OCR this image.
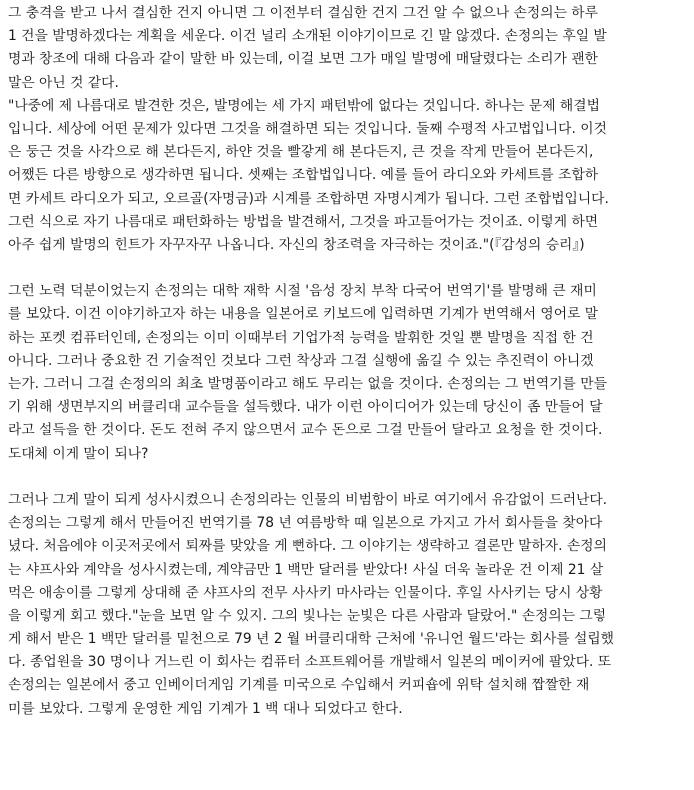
그 충격을 받고 나서 결심한 건지 아니면 그 이전부터 결심한 건지 그건 알 수 없으나 손정의는 하루
1 건을 발명하겠다는 계획을 세운다. 이건 널리 소개된 이야기이므로 긴 말 않겠다. 손정의는 후일 발
명과 창조에 대해 다음과 같이 말한 바 있는데, 이걸 보면 그가 매일 발명에 매달렸다는 소리가 괜한
말은 아닌 것 같다.
"나중에 제 나름대로 발견한 것은, 발명에는 세 가지 패턴밖에 없다는 것입니다. 하나는 문제 해결법
입니다. 세상에 어떤 문제가 있다면 그것을 해결하면 되는 것입니다. 둘째 수평적 사고법입니다. 이것
은 둥근 것을 사각으로 해 본다든지, 하얀 것을 빨갛게 해 본다든지, 큰 것을 작게 만들어 본다든지,
어쨌든 다른 방향으로 생각하면 됩니다. 셋째는 조합법입니다. 예를 들어 라디오와 카세트를 조합하
면 카세트 라디오가 되고, 오르골(자명금)과 시계를 조합하면 자명시계가 됩니다. 그런 조합법입니다.
그런 식으로 자기 나름대로 패턴화하는 방법을 발견해서, 그것을 파고들어가는 것이죠. 이렇게 하면
아주 쉽게 발명의 힌트가 자꾸자꾸 나옵니다. 자신의 창조력을 자극하는 것이죠."(『감성의 승리』)
그런 노력 덕분이었는지 손정의는 대학 재학 시절 '음성 장치 부착 다국어 번역기'를 발명해 큰 재미
를 보았다. 이건 이야기하고자 하는 내용을 일본어로 키보드에 입력하면 기계가 번역해서 영어로 말
하는 포켓 컴퓨터인데, 손정의는 이미 이때부터 기업가적 능력을 발휘한 것일 뿐 발명을 직접 한 건
아니다. 그러나 중요한 건 기술적인 것보다 그런 착상과 그걸 실행에 옮길 수 있는 추진력이 아니겠
는가. 그러니 그걸 손정의의 최초 발명품이라고 해도 무리는 없을 것이다. 손정의는 그 번역기를 만들
기 위해 생면부지의 버클리대 교수들을 설득했다. 내가 이런 아이디어가 있는데 당신이 좀 만들어 달
라고 설득을 한 것이다. 돈도 전혀 주지 않으면서 교수 돈으로 그걸 만들어 달라고 요청을 한 것이다.
도대체 이게 말이 되나?
그러나 그게 말이 되게 성사시켰으니 손정의라는 인물의 비범함이 바로 여기에서 유감없이 드러난다.
손정의는 그렇게 해서 만들어진 번역기를 78 년 여름방학 때 일본으로 가지고 가서 회사들을 찾아다
녔다. 처음에야 이곳저곳에서 퇴짜를 맞았을 게 뻔하다. 그 이야기는 생략하고 결론만 말하자. 손정의
는 샤프사와 계약을 성사시켰는데, 계약금만 1 백만 달러를 받았다! 사실 더욱 놀라운 건 이제 21 살
먹은 애송이를 그렇게 상대해 준 샤프사의 전무 사사키 마사라는 인물이다. 후일 사사키는 당시 상황
을 이렇게 회고 했다."눈을 보면 알 수 있지. 그의 빛나는 눈빛은 다른 사람과 달랐어." 손정의는 그렇
게 해서 받은 1 백만 달러를 밑천으로 79 년 2 월 버클리대학 근처에 '유니언 월드'라는 회사를 설립했
다. 종업원을 30 명이나 거느린 이 회사는 컴퓨터 소프트웨어를 개발해서 일본의 메이커에 팔았다. 또
손정의는 일본에서 중고 인베이더게임 기계를 미국으로 수입해서 커피숍에 위탁 설치해 짭짤한 재
미를 보았다. 그렇게 운영한 게임 기계가 1 백 대나 되었다고 한다.
